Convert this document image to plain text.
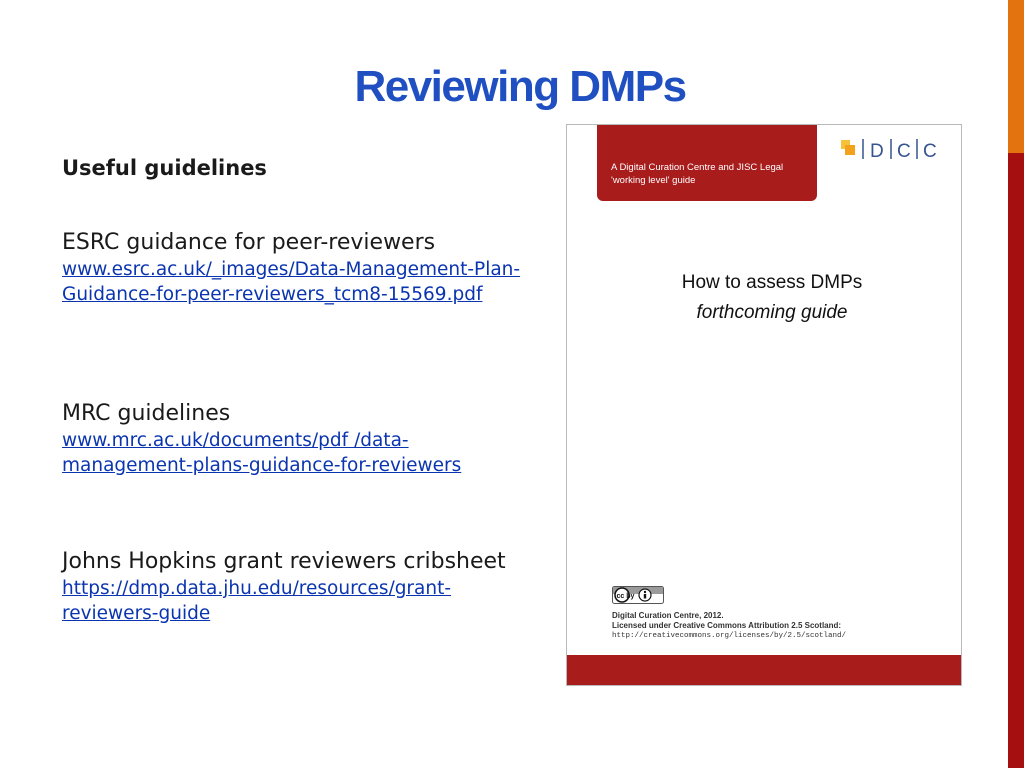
Reviewing DMPs
Useful guidelines
ESRC guidance for peer-reviewers
www.esrc.ac.uk/_images/Data-Management-Plan-Guidance-for-peer-reviewers_tcm8-15569.pdf
MRC guidelines
www.mrc.ac.uk/documents/pdf /data-management-plans-guidance-for-reviewers
Johns Hopkins grant reviewers cribsheet
https://dmp.data.jhu.edu/resources/grant-reviewers-guide
A Digital Curation Centre and JISC Legal
'working level' guide
D C C
How to assess DMPs
forthcoming guide
cc by
Digital Curation Centre, 2012.
Licensed under Creative Commons Attribution 2.5 Scotland:
http://creativecommons.org/licenses/by/2.5/scotland/
